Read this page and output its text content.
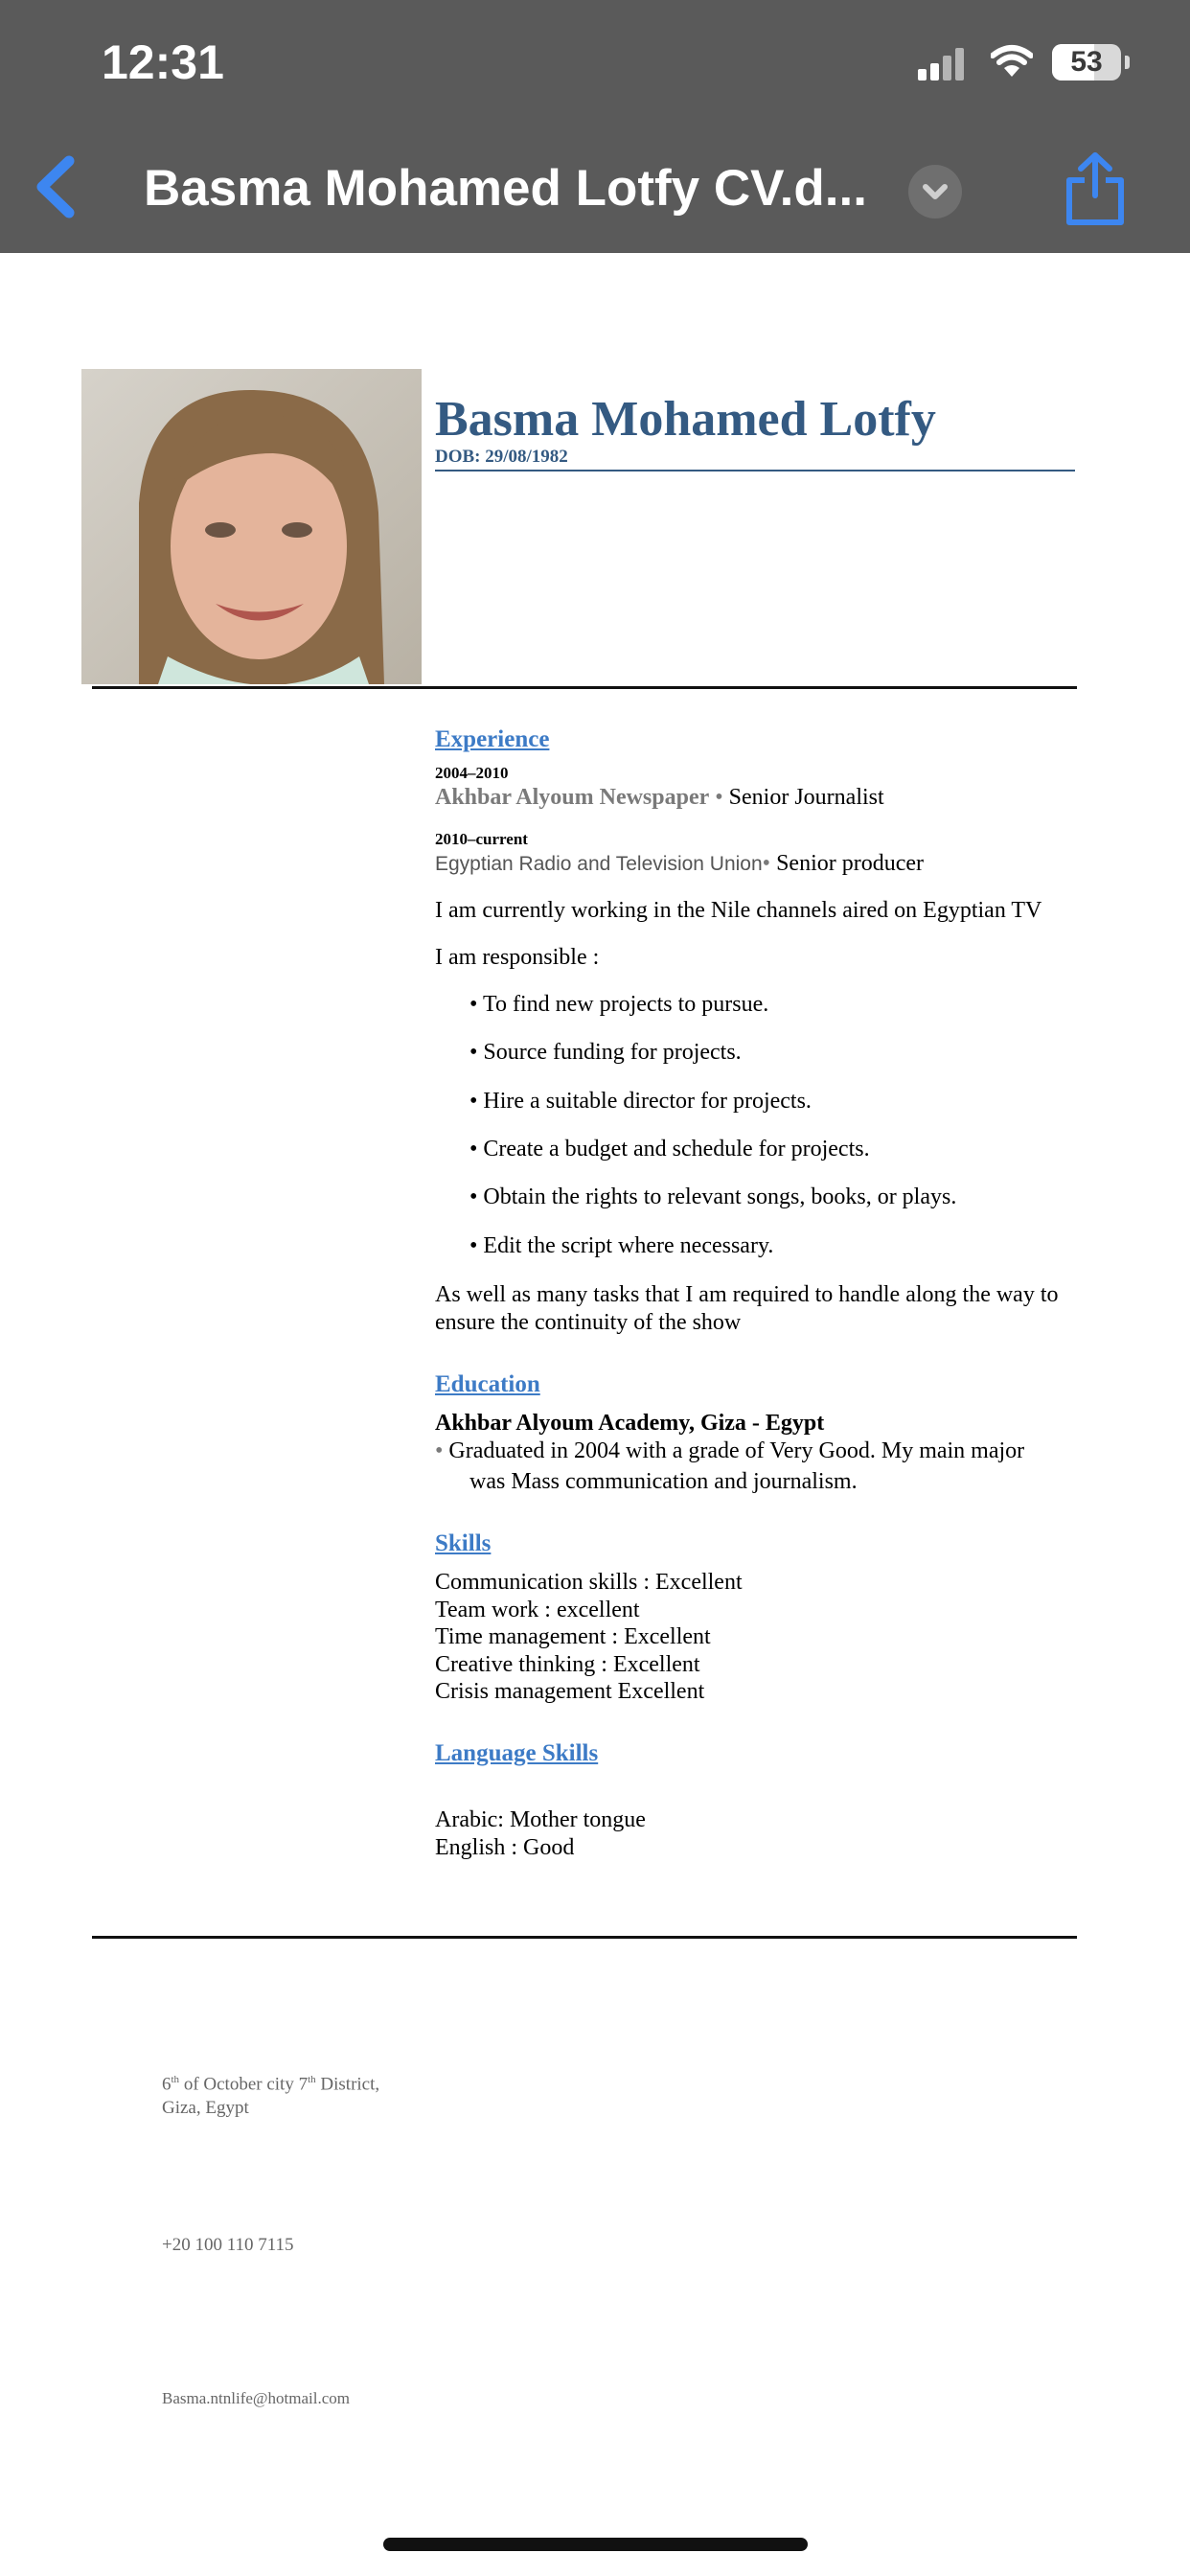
12:31	53
Basma Mohamed Lotfy CV.d...
Basma Mohamed Lotfy
DOB: 29/08/1982
Experience
2004–2010
Akhbar Alyoum Newspaper • Senior Journalist
2010–current
Egyptian Radio and Television Union• Senior producer
I am currently working in the Nile channels aired on Egyptian TV
I am responsible :
• To find new projects to pursue.
• Source funding for projects.
• Hire a suitable director for projects.
• Create a budget and schedule for projects.
• Obtain the rights to relevant songs, books, or plays.
• Edit the script where necessary.
As well as many tasks that I am required to handle along the way to
ensure the continuity of the show
Education
Akhbar Alyoum Academy, Giza - Egypt
• Graduated in 2004 with a grade of Very Good. My main major
was Mass communication and journalism.
Skills
Communication skills : Excellent
Team work : excellent
Time management : Excellent
Creative thinking : Excellent
Crisis management Excellent
Language Skills
Arabic: Mother tongue
English : Good
6th of October city 7th District,
Giza, Egypt
+20 100 110 7115
Basma.ntnlife@hotmail.com
